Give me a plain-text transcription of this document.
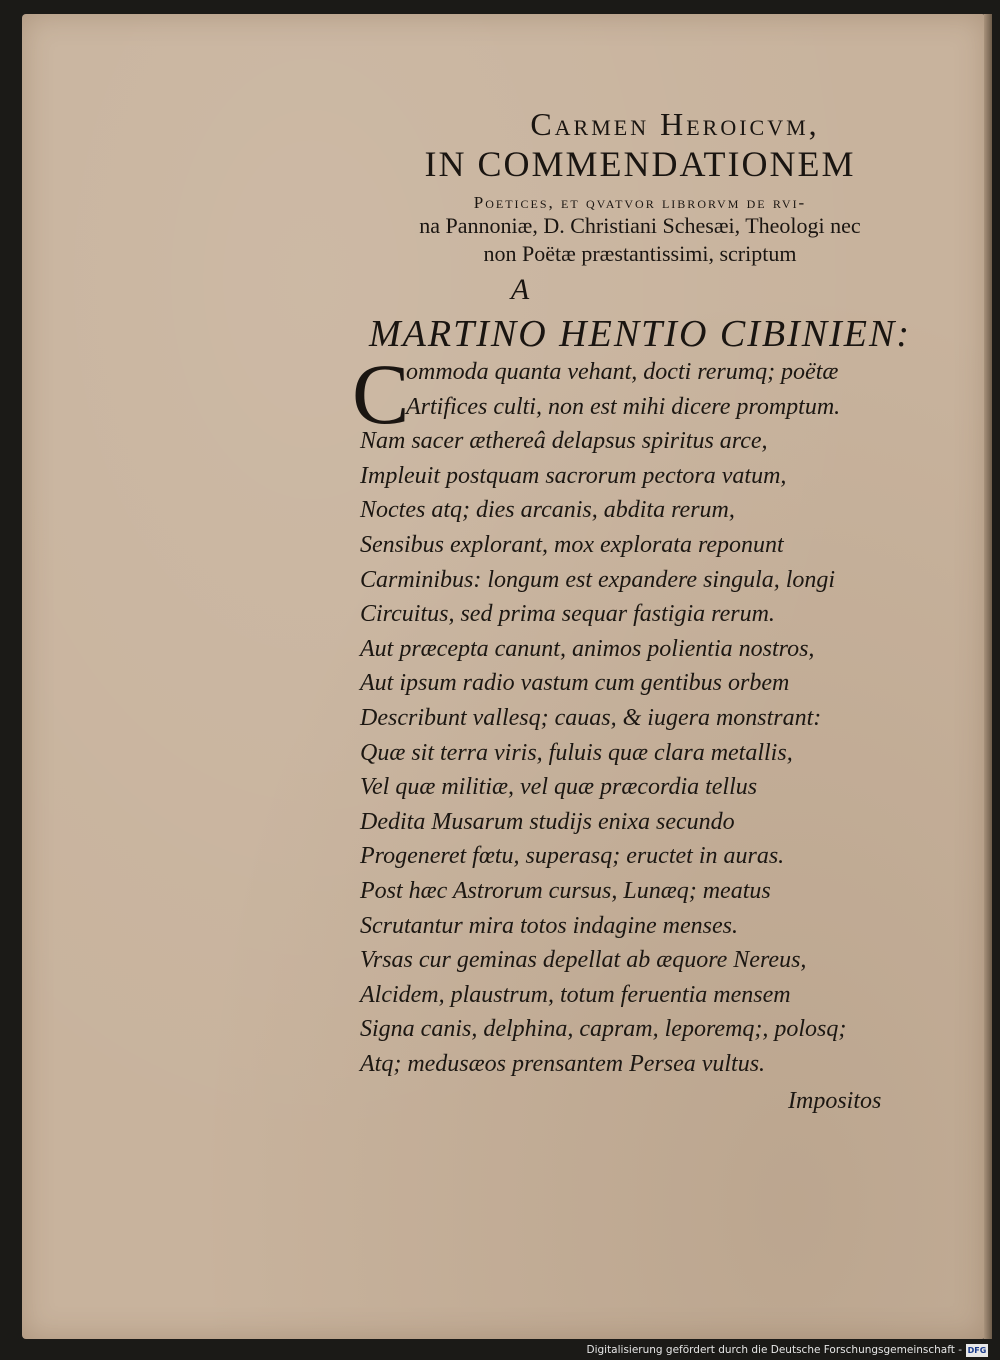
Carmen Heroicvm,
IN COMMENDATIONEM
Poetices, et qvatvor librorvm de rvi-
na Pannoniæ, D. Christiani Schesæi, Theologi nec
non Poëtæ præstantissimi, scriptum
A
MARTINO HENTIO CIBINIEN:
C
ommoda quanta vehant, docti rerumq; poëtæ
Artifices culti, non est mihi dicere promptum.
Nam sacer æthereâ delapsus spiritus arce,
Impleuit postquam sacrorum pectora vatum,
Noctes atq; dies arcanis, abdita rerum,
Sensibus explorant, mox explorata reponunt
Carminibus: longum est expandere singula, longi
Circuitus, sed prima sequar fastigia rerum.
Aut præcepta canunt, animos polientia nostros,
Aut ipsum radio vastum cum gentibus orbem
Describunt vallesq; cauas, & iugera monstrant:
Quæ sit terra viris, fuluis quæ clara metallis,
Vel quæ militiæ, vel quæ præcordia tellus
Dedita Musarum studijs enixa secundo
Progeneret fœtu, superasq; eructet in auras.
Post hæc Astrorum cursus, Lunæq; meatus
Scrutantur mira totos indagine menses.
Vrsas cur geminas depellat ab æquore Nereus,
Alcidem, plaustrum, totum feruentia mensem
Signa canis, delphina, capram, leporemq;, polosq;
Atq; medusæos prensantem Persea vultus.
Impositos
Digitalisierung gefördert durch die Deutsche Forschungsgemeinschaft - DFG
